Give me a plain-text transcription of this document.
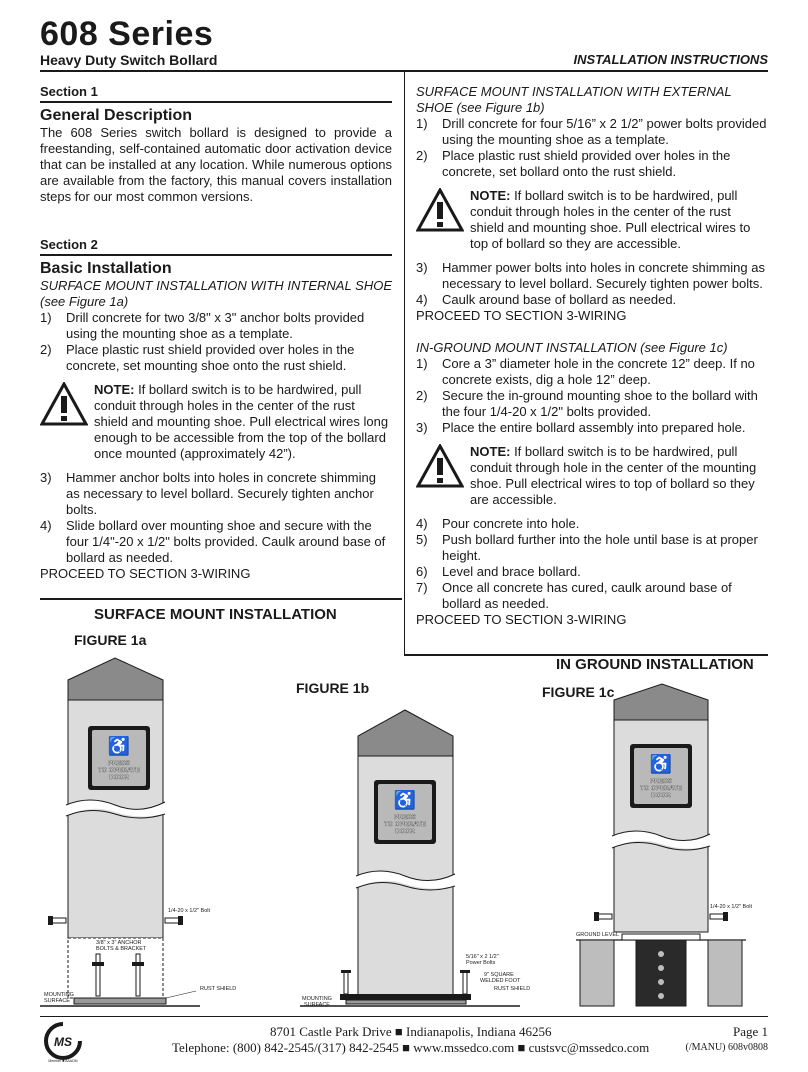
608 Series
Heavy Duty Switch Bollard	INSTALLATION INSTRUCTIONS
Section 1
General Description

The 608 Series switch bollard is designed to provide a freestanding, self-contained automatic door activation device that can be installed at any location. While numerous options are available from the factory, this manual covers installation steps for our most common versions.

Section 2
Basic Installation

SURFACE MOUNT INSTALLATION WITH INTERNAL SHOE (see Figure 1a)

1)	Drill concrete for two 3/8" x 3" anchor bolts provided using the mounting shoe as a template.
2)	Place plastic rust shield provided over holes in the concrete, set mounting shoe onto the rust shield.
NOTE: If bollard switch is to be hardwired, pull conduit through holes in the center of the rust shield and mounting shoe. Pull electrical wires long enough to be accessible from the top of the bollard once mounted (approximately 42”).
3)	Hammer anchor bolts into holes in concrete shimming as necessary to level bollard. Securely tighten anchor bolts.
4)	Slide bollard over mounting shoe and secure with the four 1/4"-20 x 1/2" bolts provided. Caulk around base of bollard as needed.

PROCEED TO SECTION 3-WIRING

SURFACE MOUNT INSTALLATION WITH EXTERNAL SHOE (see Figure 1b)

1)	Drill concrete for four 5/16” x 2 1/2” power bolts provided using the mounting shoe as a template.
2)	Place plastic rust shield provided over holes in the concrete, set bollard onto the rust shield.
NOTE: If bollard switch is to be hardwired, pull conduit through holes in the center of the rust shield and mounting shoe. Pull electrical wires to top of bollard so they are accessible.
3)	Hammer power bolts into holes in concrete shimming as necessary to level bollard. Securely tighten power bolts.
4)	Caulk around base of bollard as needed.

PROCEED TO SECTION 3-WIRING

IN-GROUND MOUNT INSTALLATION (see Figure 1c)

1)	Core a 3” diameter hole in the concrete 12” deep. If no concrete exists, dig a hole 12” deep.
2)	Secure the in-ground mounting shoe to the bollard with the four 1/4-20 x 1/2" bolts provided.
3)	Place the entire bollard assembly into prepared hole.
NOTE: If bollard switch is to be hardwired, pull conduit through hole in the center of the mounting shoe. Pull electrical wires to top of bollard so they are accessible.
4)	Pour concrete into hole.
5)	Push bollard further into the hole until base is at proper height.
6)	Level and brace bollard.
7)	Once all concrete has cured, caulk around base of bollard as needed.

PROCEED TO SECTION 3-WIRING

SURFACE MOUNT INSTALLATION
IN GROUND INSTALLATION
FIGURE 1a
FIGURE 1b	FIGURE 1c
♿
PRESS
TO OPERATE
DOOR
1/4-20 x 1/2" Bolt
3/8" x 3" ANCHOR
BOLTS & BRACKET
MOUNTING
SURFACE
RUST SHIELD
♿
PRESS
TO OPERATE
DOOR
5/16" x 2 1/2"
Power Bolts
9" SQUARE
WELDED FOOT
RUST SHIELD
MOUNTING
SURFACE
♿
PRESS
TO OPERATE
DOOR
1/4-20 x 1/2" Bolt
GROUND LEVEL
MS
Member ■ AAADM
8701 Castle Park Drive ■ Indianapolis, Indiana 46256
Telephone: (800) 842-2545/(317) 842-2545 ■ www.mssedco.com ■ custsvc@mssedco.com
Page 1
(/MANU) 608v0808
